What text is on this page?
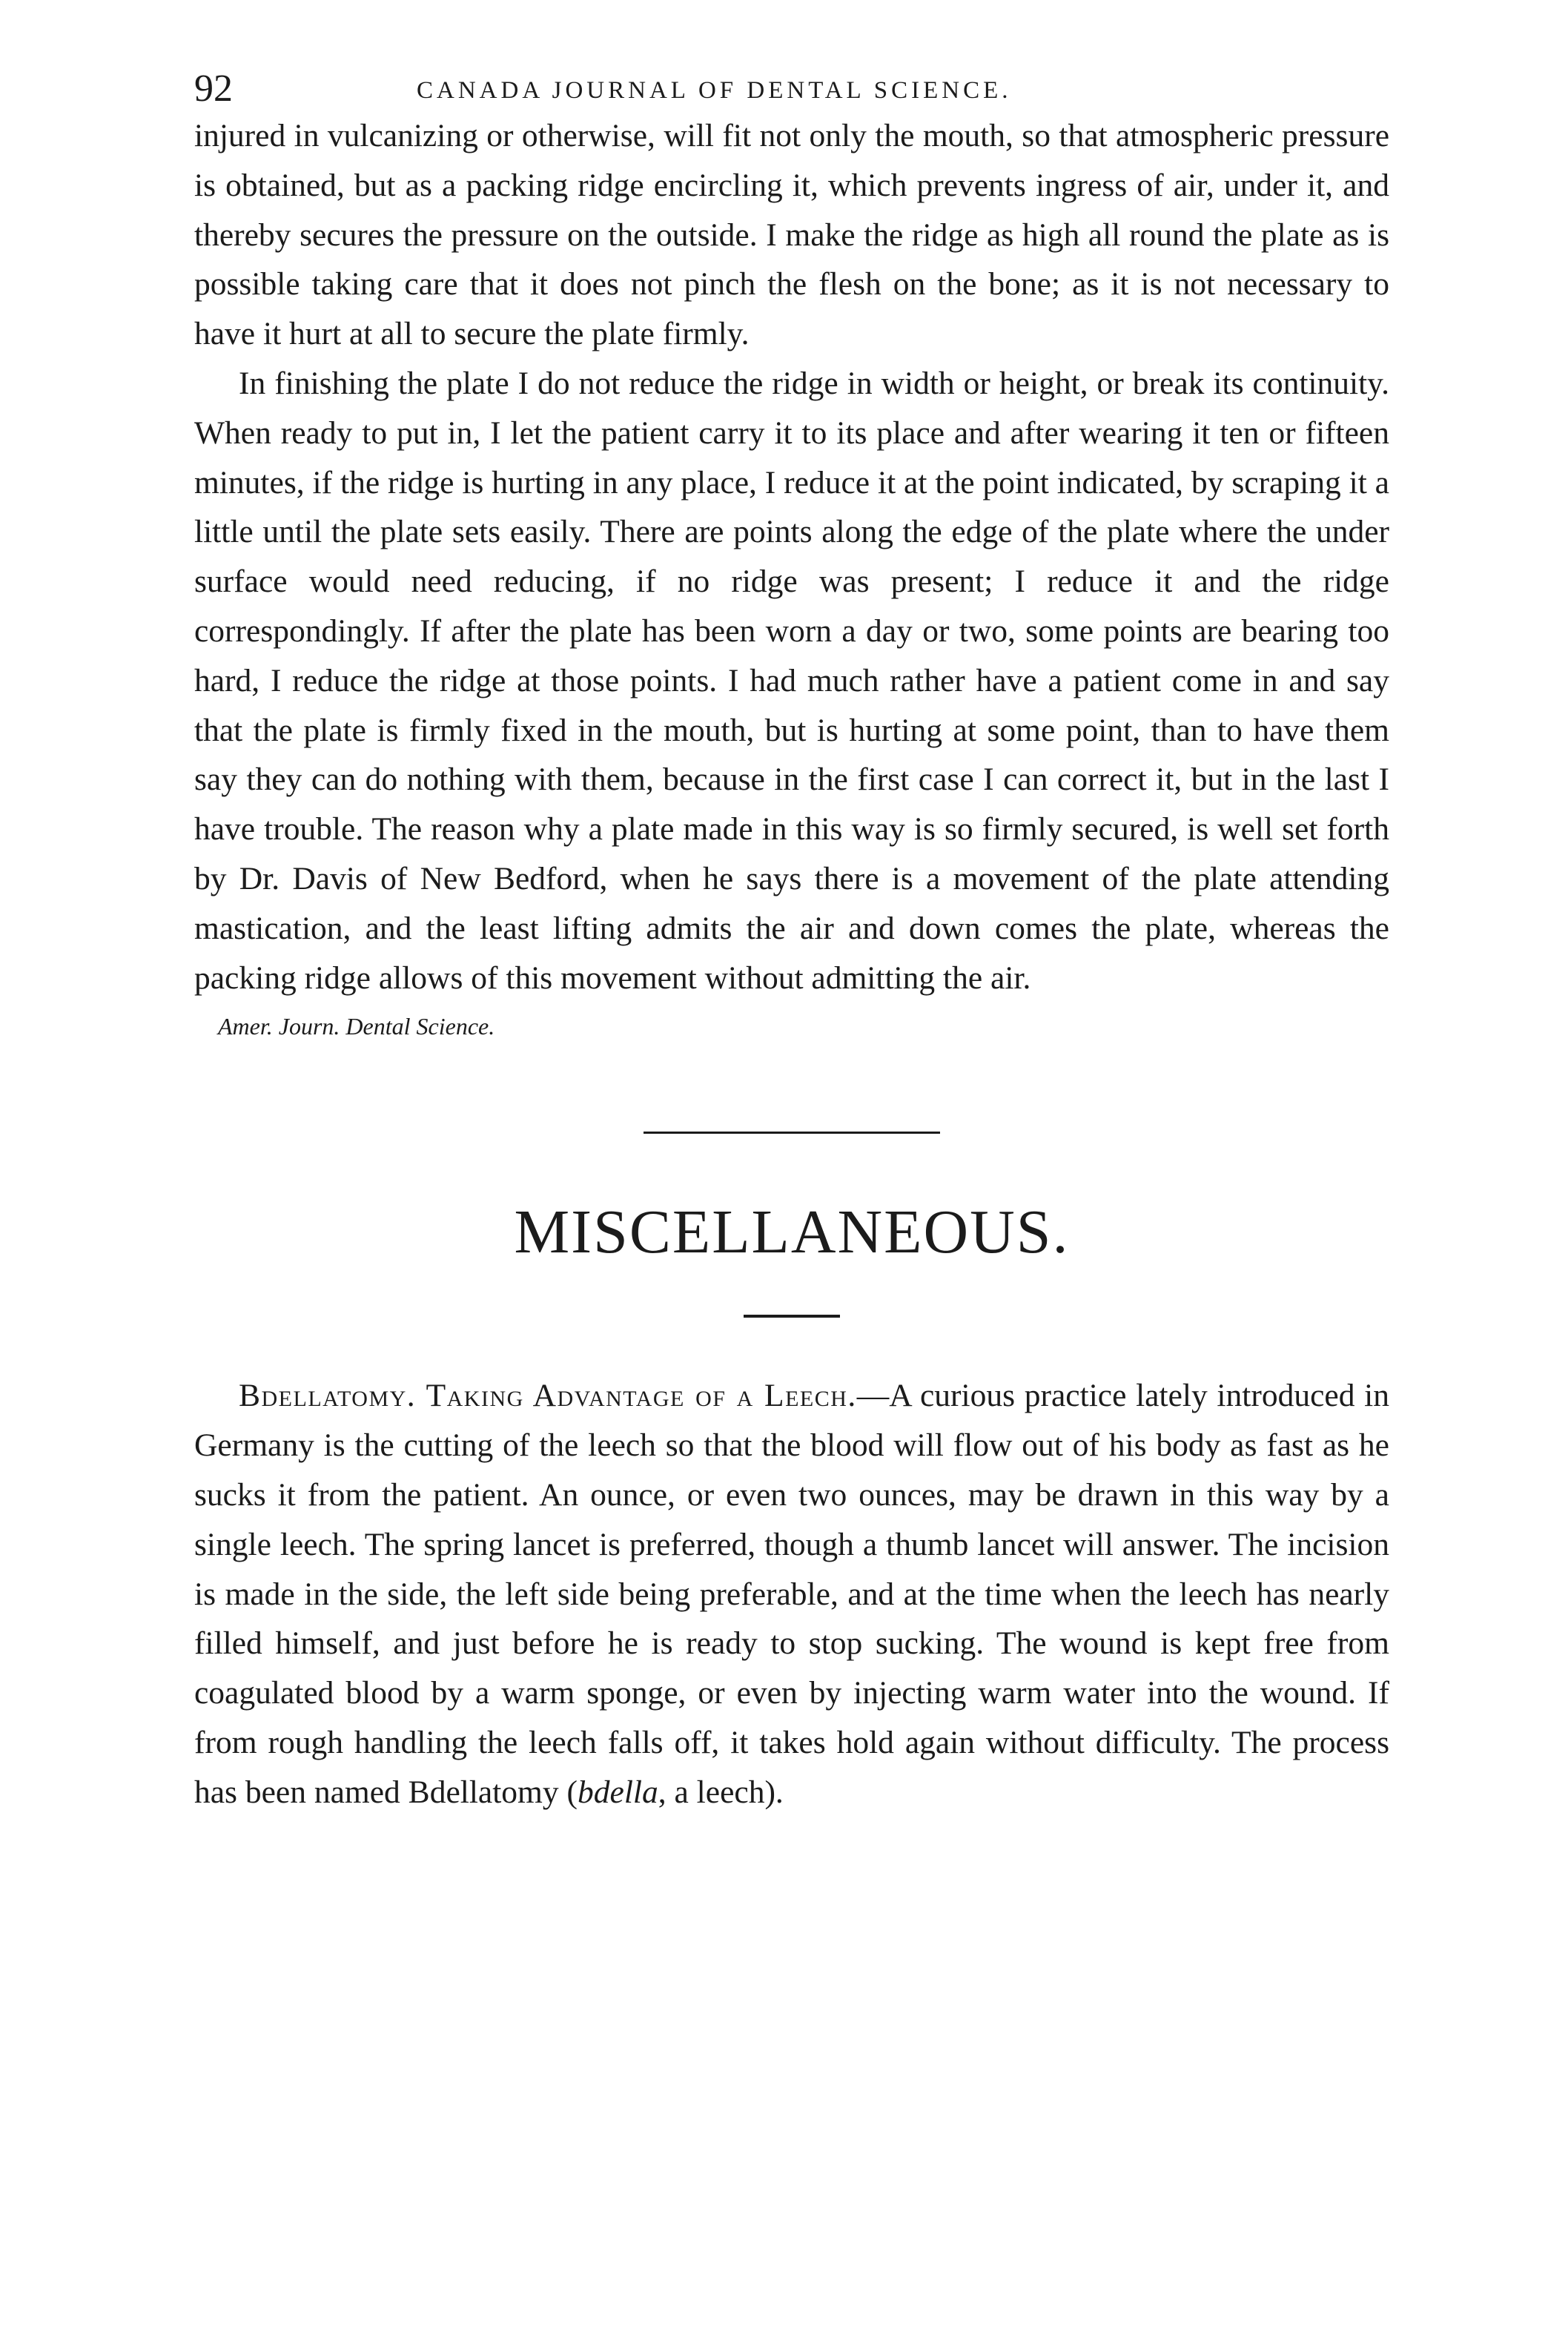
92	CANADA JOURNAL OF DENTAL SCIENCE.

injured in vulcanizing or otherwise, will fit not only the mouth, so that atmospheric pressure is obtained, but as a packing ridge encircling it, which prevents ingress of air, under it, and thereby secures the pressure on the outside. I make the ridge as high all round the plate as is possible taking care that it does not pinch the flesh on the bone; as it is not necessary to have it hurt at all to secure the plate firmly.

In finishing the plate I do not reduce the ridge in width or height, or break its continuity. When ready to put in, I let the patient carry it to its place and after wearing it ten or fifteen minutes, if the ridge is hurting in any place, I reduce it at the point indicated, by scraping it a little until the plate sets easily. There are points along the edge of the plate where the under surface would need reducing, if no ridge was present; I reduce it and the ridge correspondingly. If after the plate has been worn a day or two, some points are bearing too hard, I reduce the ridge at those points. I had much rather have a patient come in and say that the plate is firmly fixed in the mouth, but is hurting at some point, than to have them say they can do nothing with them, because in the first case I can correct it, but in the last I have trouble. The reason why a plate made in this way is so firmly secured, is well set forth by Dr. Davis of New Bedford, when he says there is a movement of the plate attending mastication, and the least lifting admits the air and down comes the plate, whereas the packing ridge allows of this movement without admitting the air.

Amer. Journ. Dental Science.
MISCELLANEOUS.

Bdellatomy. Taking Advantage of a Leech.—A curious practice lately introduced in Germany is the cutting of the leech so that the blood will flow out of his body as fast as he sucks it from the patient. An ounce, or even two ounces, may be drawn in this way by a single leech. The spring lancet is preferred, though a thumb lancet will answer. The incision is made in the side, the left side being preferable, and at the time when the leech has nearly filled himself, and just before he is ready to stop sucking. The wound is kept free from coagulated blood by a warm sponge, or even by injecting warm water into the wound. If from rough handling the leech falls off, it takes hold again without difficulty. The process has been named Bdellatomy (bdella, a leech).
